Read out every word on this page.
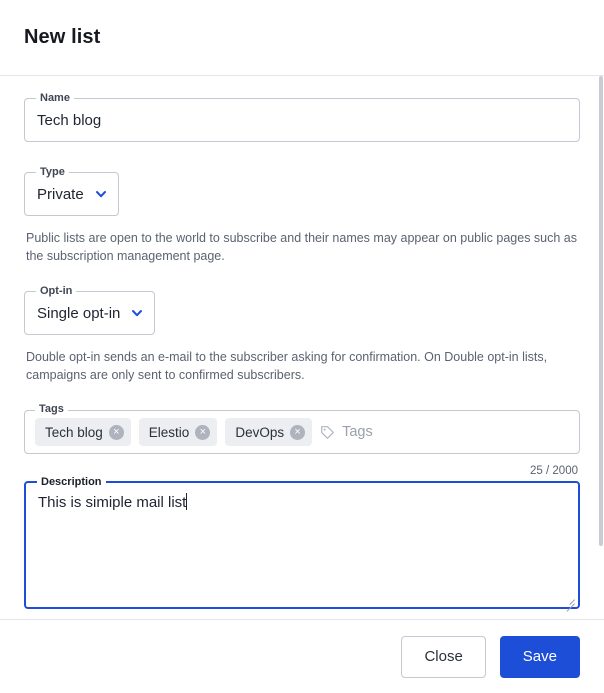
New list
Name
Tech blog
Type
Private
Public lists are open to the world to subscribe and their names may appear on public pages such as the subscription management page.
Opt-in
Single opt-in
Double opt-in sends an e-mail to the subscriber asking for confirmation. On Double opt-in lists, campaigns are only sent to confirmed subscribers.
Tags
Tech blog ×	Elestio ×	DevOps ×	Tags
25 / 2000
Description
This is simiple mail list
Close	Save
